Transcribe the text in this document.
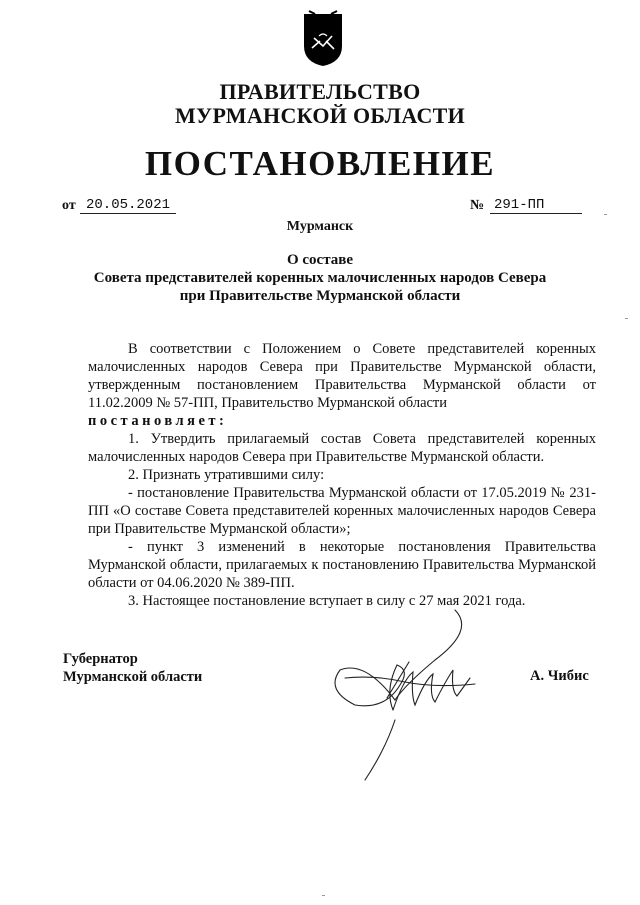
ПРАВИТЕЛЬСТВО
МУРМАНСКОЙ ОБЛАСТИ
ПОСТАНОВЛЕНИЕ
от 20.05.2021	№ 291-ПП
Мурманск
О составе
Совета представителей коренных малочисленных народов Севера
при Правительстве Мурманской области

В соответствии с Положением о Совете представителей коренных малочисленных народов Севера при Правительстве Мурманской области, утвержденным постановлением Правительства Мурманской области от 11.02.2009 № 57-ПП, Правительство Мурманской области

постановляет:

1. Утвердить прилагаемый состав Совета представителей коренных малочисленных народов Севера при Правительстве Мурманской области.

2. Признать утратившими силу:

- постановление Правительства Мурманской области от 17.05.2019 № 231-ПП «О составе Совета представителей коренных малочисленных народов Севера при Правительстве Мурманской области»;

- пункт 3 изменений в некоторые постановления Правительства Мурманской области, прилагаемых к постановлению Правительства Мурманской области от 04.06.2020 № 389-ПП.

3. Настоящее постановление вступает в силу с 27 мая 2021 года.

Губернатор
Мурманской области	А. Чибис
